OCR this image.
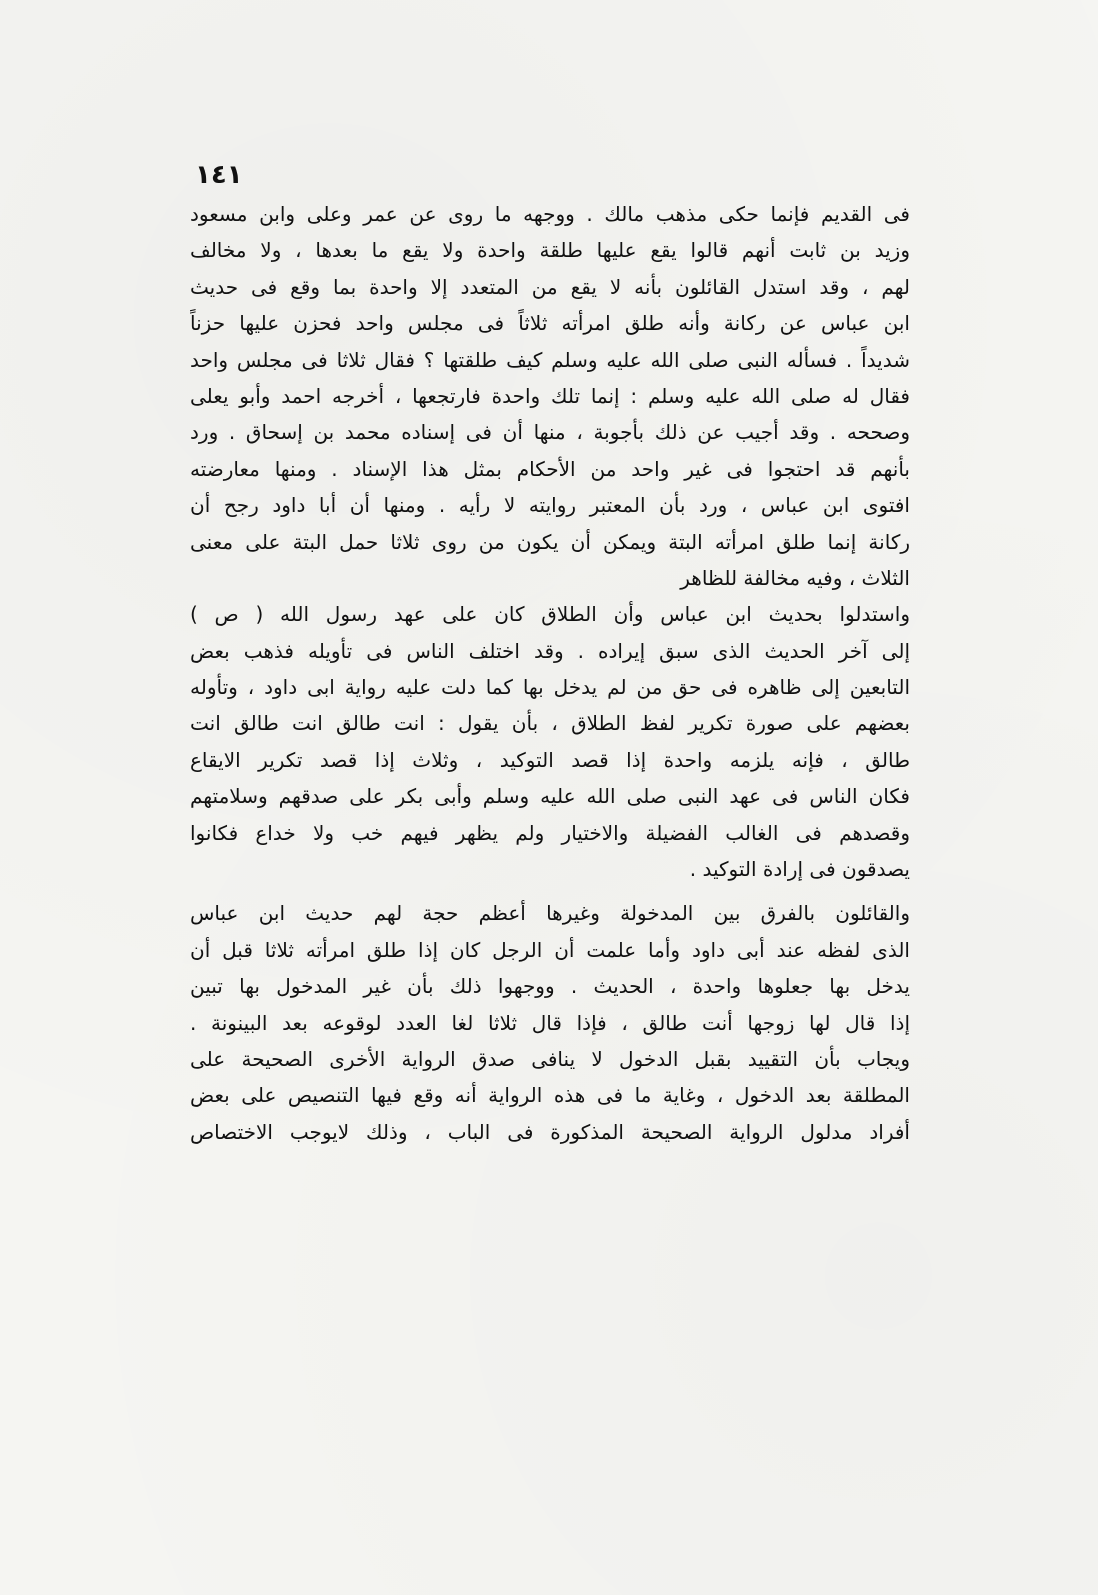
١٤١
فى القديم فإنما حكى مذهب مالك . ووجهه ما روى عن عمر وعلى وابن مسعود
وزيد بن ثابت أنهم قالوا يقع عليها طلقة واحدة ولا يقع ما بعدها ، ولا مخالف
لهم ، وقد استدل القائلون بأنه لا يقع من المتعدد إلا واحدة بما وقع فى حديث
ابن عباس عن ركانة وأنه طلق امرأته ثلاثاً فى مجلس واحد فحزن عليها حزناً
شديداً . فسأله النبى صلى الله عليه وسلم كيف طلقتها ؟ فقال ثلاثا فى مجلس واحد
فقال له صلى الله عليه وسلم : إنما تلك واحدة فارتجعها ، أخرجه احمد وأبو يعلى
وصححه . وقد أجيب عن ذلك بأجوبة ، منها أن فى إسناده محمد بن إسحاق . ورد
بأنهم قد احتجوا فى غير واحد من الأحكام بمثل هذا الإسناد . ومنها معارضته
افتوى ابن عباس ، ورد بأن المعتبر روايته لا رأيه . ومنها أن أبا داود رجح أن
ركانة إنما طلق امرأته البتة ويمكن أن يكون من روى ثلاثا حمل البتة على معنى
الثلاث ، وفيه مخالفة للظاهر
واستدلوا بحديث ابن عباس وأن الطلاق كان على عهد رسول الله ( ص )
إلى آخر الحديث الذى سبق إيراده . وقد اختلف الناس فى تأويله فذهب بعض
التابعين إلى ظاهره فى حق من لم يدخل بها كما دلت عليه رواية ابى داود ، وتأوله
بعضهم على صورة تكرير لفظ الطلاق ، بأن يقول : انت طالق انت طالق انت
طالق ، فإنه يلزمه واحدة إذا قصد التوكيد ، وثلاث إذا قصد تكرير الايقاع
فكان الناس فى عهد النبى صلى الله عليه وسلم وأبى بكر على صدقهم وسلامتهم
وقصدهم فى الغالب الفضيلة والاختيار ولم يظهر فيهم خب ولا خداع فكانوا
يصدقون فى إرادة التوكيد .
والقائلون بالفرق بين المدخولة وغيرها أعظم حجة لهم حديث ابن عباس
الذى لفظه عند أبى داود وأما علمت أن الرجل كان إذا طلق امرأته ثلاثا قبل أن
يدخل بها جعلوها واحدة ، الحديث . ووجهوا ذلك بأن غير المدخول بها تبين
إذا قال لها زوجها أنت طالق ، فإذا قال ثلاثا لغا العدد لوقوعه بعد البينونة .
ويجاب بأن التقييد بقبل الدخول لا ينافى صدق الرواية الأخرى الصحيحة على
المطلقة بعد الدخول ، وغاية ما فى هذه الرواية أنه وقع فيها التنصيص على بعض
أفراد مدلول الرواية الصحيحة المذكورة فى الباب ، وذلك لايوجب الاختصاص
